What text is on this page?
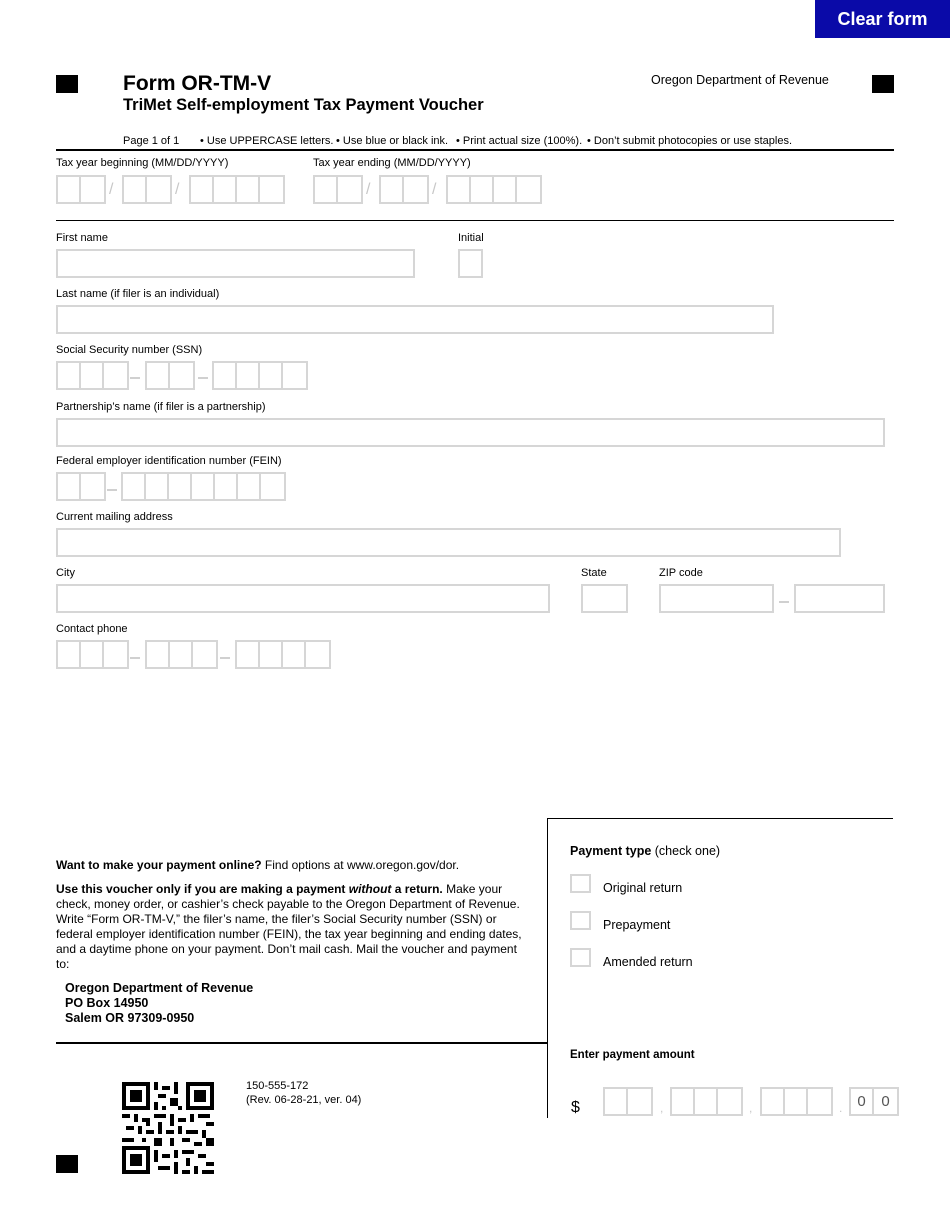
Clear form
Form OR-TM-V
TriMet Self-employment Tax Payment Voucher
Oregon Department of Revenue
Page 1 of 1 • Use UPPERCASE letters. • Use blue or black ink. • Print actual size (100%). • Don’t submit photocopies or use staples.
Tax year beginning (MM/DD/YYYY)
/	/
Tax year ending (MM/DD/YYYY)
/	/
First name	Initial
Last name (if filer is an individual)
Social Security number (SSN)
Partnership’s name (if filer is a partnership)
Federal employer identification number (FEIN)
Current mailing address
City	State	ZIP code
Contact phone
Want to make your payment online? Find options at www.oregon.gov/dor.
Use this voucher only if you are making a payment without a return. Make your check, money order, or cashier’s check payable to the Oregon Department of Revenue. Write “Form OR-TM-V,” the filer’s name, the filer’s Social Security number (SSN) or federal employer identification number (FEIN), the tax year beginning and ending dates, and a daytime phone on your payment. Don’t mail cash. Mail the voucher and payment to:
Oregon Department of Revenue
PO Box 14950
Salem OR 97309-0950
150-555-172
(Rev. 06-28-21, ver. 04)
Payment type (check one)
Original return
Prepayment
Amended return
Enter payment amount
$	,	,	. 0	0
